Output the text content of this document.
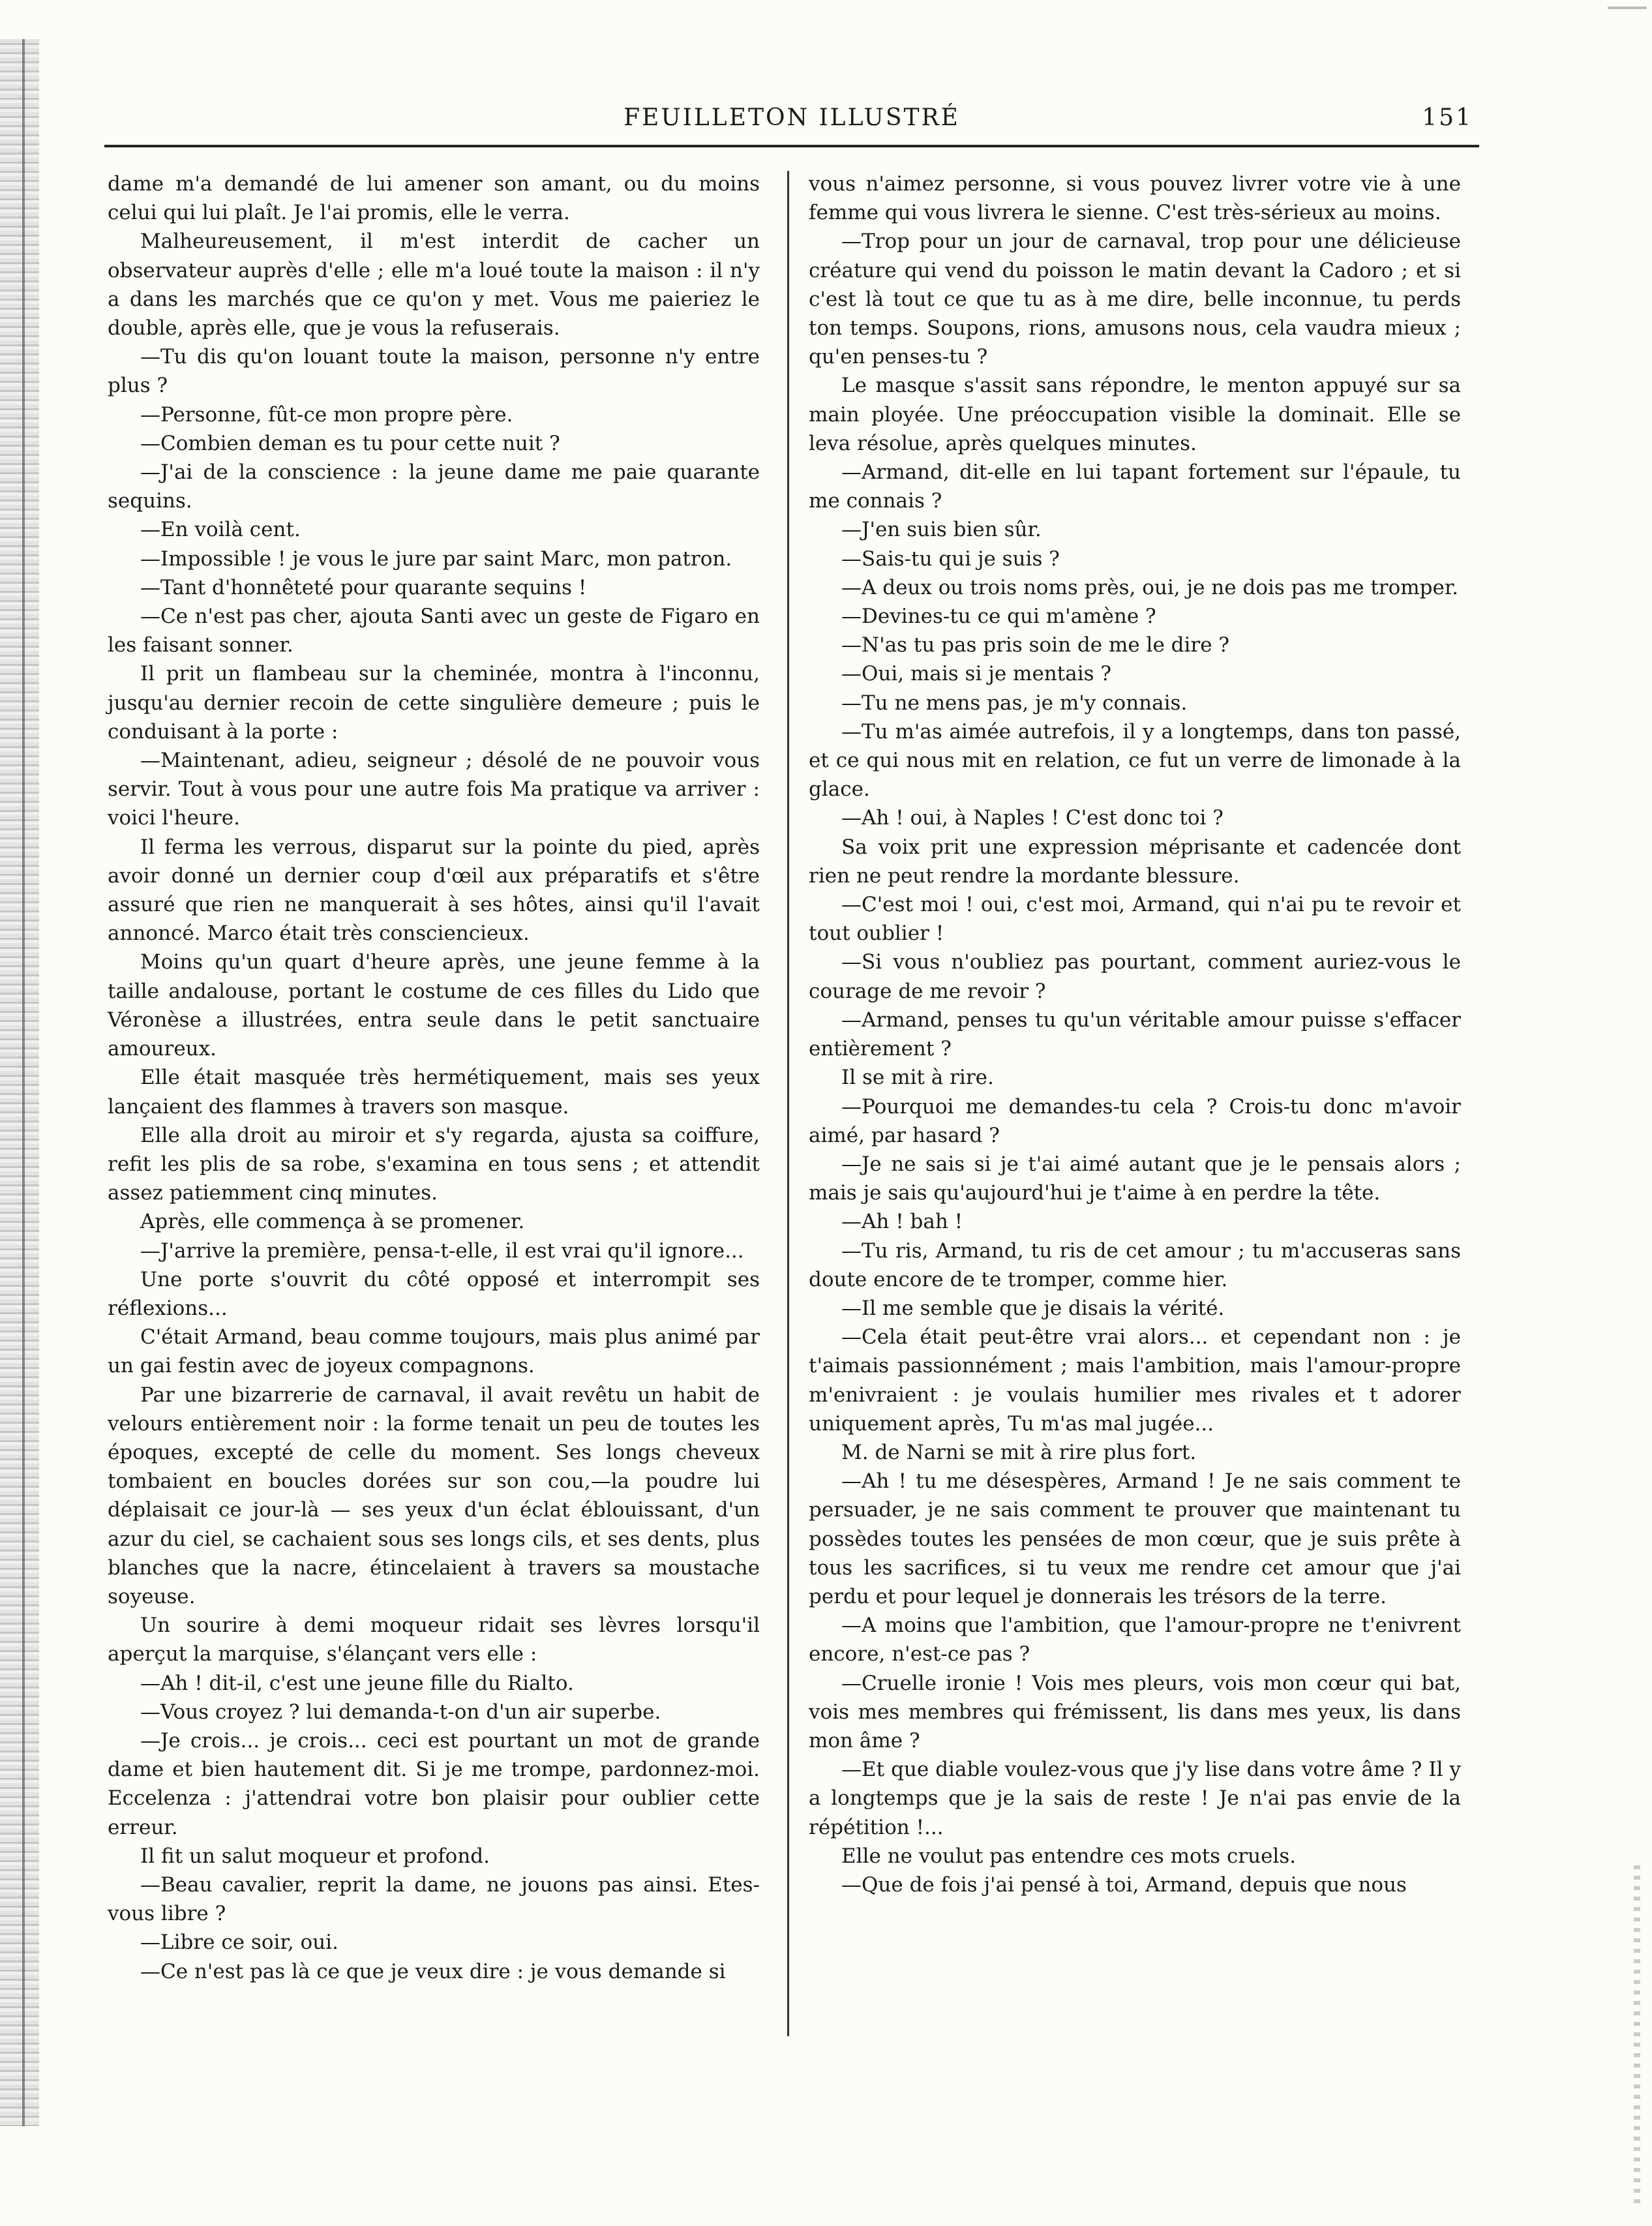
FEUILLETON ILLUSTRÉ	151

dame m'a demandé de lui amener son amant, ou du moins celui qui lui plaît. Je l'ai promis, elle le verra.

Malheureusement, il m'est interdit de cacher un observateur auprès d'elle ; elle m'a loué toute la maison : il n'y a dans les marchés que ce qu'on y met. Vous me paieriez le double, après elle, que je vous la refuserais.

—Tu dis qu'on louant toute la maison, personne n'y entre plus ?

—Personne, fût-ce mon propre père.

—Combien deman es tu pour cette nuit ?

—J'ai de la conscience : la jeune dame me paie quarante sequins.

—En voilà cent.

—Impossible ! je vous le jure par saint Marc, mon patron.

—Tant d'honnêteté pour quarante sequins !

—Ce n'est pas cher, ajouta Santi avec un geste de Figaro en les faisant sonner.

Il prit un flambeau sur la cheminée, montra à l'inconnu, jusqu'au dernier recoin de cette singulière demeure ; puis le conduisant à la porte :

—Maintenant, adieu, seigneur ; désolé de ne pouvoir vous servir. Tout à vous pour une autre fois Ma pratique va arriver : voici l'heure.

Il ferma les verrous, disparut sur la pointe du pied, après avoir donné un dernier coup d'œil aux préparatifs et s'être assuré que rien ne manquerait à ses hôtes, ainsi qu'il l'avait annoncé. Marco était très consciencieux.

Moins qu'un quart d'heure après, une jeune femme à la taille andalouse, portant le costume de ces filles du Lido que Véronèse a illustrées, entra seule dans le petit sanctuaire amoureux.

Elle était masquée très hermétiquement, mais ses yeux lançaient des flammes à travers son masque.

Elle alla droit au miroir et s'y regarda, ajusta sa coiffure, refit les plis de sa robe, s'examina en tous sens ; et attendit assez patiemment cinq minutes.

Après, elle commença à se promener.

—J'arrive la première, pensa-t-elle, il est vrai qu'il ignore...

Une porte s'ouvrit du côté opposé et interrompit ses réflexions...

C'était Armand, beau comme toujours, mais plus animé par un gai festin avec de joyeux compagnons.

Par une bizarrerie de carnaval, il avait revêtu un habit de velours entièrement noir : la forme tenait un peu de toutes les époques, excepté de celle du moment. Ses longs cheveux tombaient en boucles dorées sur son cou,—la poudre lui déplaisait ce jour-là — ses yeux d'un éclat éblouissant, d'un azur du ciel, se cachaient sous ses longs cils, et ses dents, plus blanches que la nacre, étincelaient à travers sa moustache soyeuse.

Un sourire à demi moqueur ridait ses lèvres lorsqu'il aperçut la marquise, s'élançant vers elle :

—Ah ! dit-il, c'est une jeune fille du Rialto.

—Vous croyez ? lui demanda-t-on d'un air superbe.

—Je crois... je crois... ceci est pourtant un mot de grande dame et bien hautement dit. Si je me trompe, pardonnez-moi. Eccelenza : j'attendrai votre bon plaisir pour oublier cette erreur.

Il fit un salut moqueur et profond.

—Beau cavalier, reprit la dame, ne jouons pas ainsi. Etes-vous libre ?

—Libre ce soir, oui.

—Ce n'est pas là ce que je veux dire : je vous demande si

vous n'aimez personne, si vous pouvez livrer votre vie à une femme qui vous livrera le sienne. C'est très-sérieux au moins.

—Trop pour un jour de carnaval, trop pour une délicieuse créature qui vend du poisson le matin devant la Cadoro ; et si c'est là tout ce que tu as à me dire, belle inconnue, tu perds ton temps. Soupons, rions, amusons nous, cela vaudra mieux ; qu'en penses-tu ?

Le masque s'assit sans répondre, le menton appuyé sur sa main ployée. Une préoccupation visible la dominait. Elle se leva résolue, après quelques minutes.

—Armand, dit-elle en lui tapant fortement sur l'épaule, tu me connais ?

—J'en suis bien sûr.

—Sais-tu qui je suis ?

—A deux ou trois noms près, oui, je ne dois pas me tromper.

—Devines-tu ce qui m'amène ?

—N'as tu pas pris soin de me le dire ?

—Oui, mais si je mentais ?

—Tu ne mens pas, je m'y connais.

—Tu m'as aimée autrefois, il y a longtemps, dans ton passé, et ce qui nous mit en relation, ce fut un verre de limonade à la glace.

—Ah ! oui, à Naples ! C'est donc toi ?

Sa voix prit une expression méprisante et cadencée dont rien ne peut rendre la mordante blessure.

—C'est moi ! oui, c'est moi, Armand, qui n'ai pu te revoir et tout oublier !

—Si vous n'oubliez pas pourtant, comment auriez-vous le courage de me revoir ?

—Armand, penses tu qu'un véritable amour puisse s'effacer entièrement ?

Il se mit à rire.

—Pourquoi me demandes-tu cela ? Crois-tu donc m'avoir aimé, par hasard ?

—Je ne sais si je t'ai aimé autant que je le pensais alors ; mais je sais qu'aujourd'hui je t'aime à en perdre la tête.

—Ah ! bah !

—Tu ris, Armand, tu ris de cet amour ; tu m'accuseras sans doute encore de te tromper, comme hier.

—Il me semble que je disais la vérité.

—Cela était peut-être vrai alors... et cependant non : je t'aimais passionnément ; mais l'ambition, mais l'amour-propre m'enivraient : je voulais humilier mes rivales et t adorer uniquement après, Tu m'as mal jugée...

M. de Narni se mit à rire plus fort.

—Ah ! tu me désespères, Armand ! Je ne sais comment te persuader, je ne sais comment te prouver que maintenant tu possèdes toutes les pensées de mon cœur, que je suis prête à tous les sacrifices, si tu veux me rendre cet amour que j'ai perdu et pour lequel je donnerais les trésors de la terre.

—A moins que l'ambition, que l'amour-propre ne t'enivrent encore, n'est-ce pas ?

—Cruelle ironie ! Vois mes pleurs, vois mon cœur qui bat, vois mes membres qui frémissent, lis dans mes yeux, lis dans mon âme ?

—Et que diable voulez-vous que j'y lise dans votre âme ? Il y a longtemps que je la sais de reste ! Je n'ai pas envie de la répétition !...

Elle ne voulut pas entendre ces mots cruels.

—Que de fois j'ai pensé à toi, Armand, depuis que nous
